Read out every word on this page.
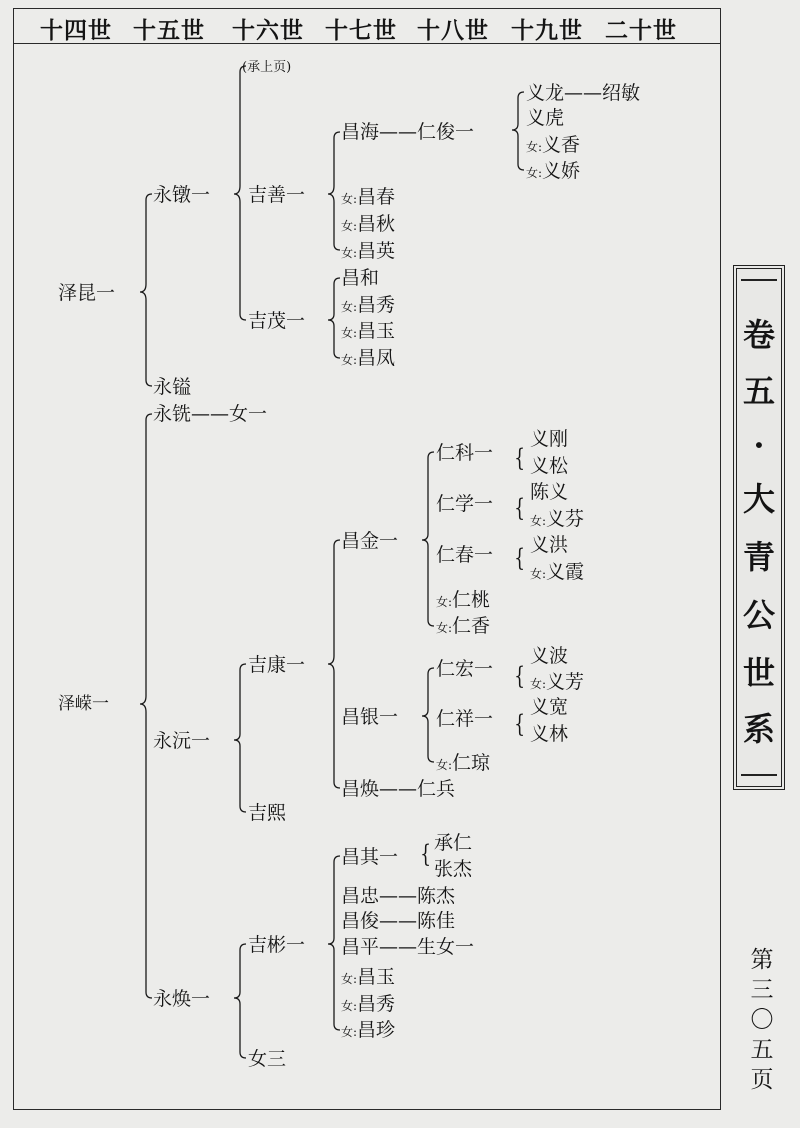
十四世 十五世 十六世 十七世 十八世 十九世 二十世
{
{
{
{
{
{
(承上页)
泽昆一
永镦一 吉善一
昌海——仁俊一
义龙——绍敏
义虎
女:义香
女:义娇
女:昌春
女:昌秋
女:昌英
吉茂一
昌和
女:昌秀
女:昌玉
女:昌凤
永镒
永铣——女一
泽嵘一
昌金一
仁科一
义刚
义松
仁学一
陈义
女:义芬
仁春一 义洪
女:义霞
女:仁桃
女:仁香
吉康一
昌银一
仁宏一
义波
女:义芳
仁祥一
义宽
义林
女:仁琼
昌焕——仁兵
永沅一
吉熙
昌其一
承仁
张杰
昌忠——陈杰
昌俊——陈佳
昌平——生女一
女:昌玉
女:昌秀
女:昌珍
吉彬一
女三
永焕一
卷
五
·
大
青
公
世
系
第
三
〇
五
页
